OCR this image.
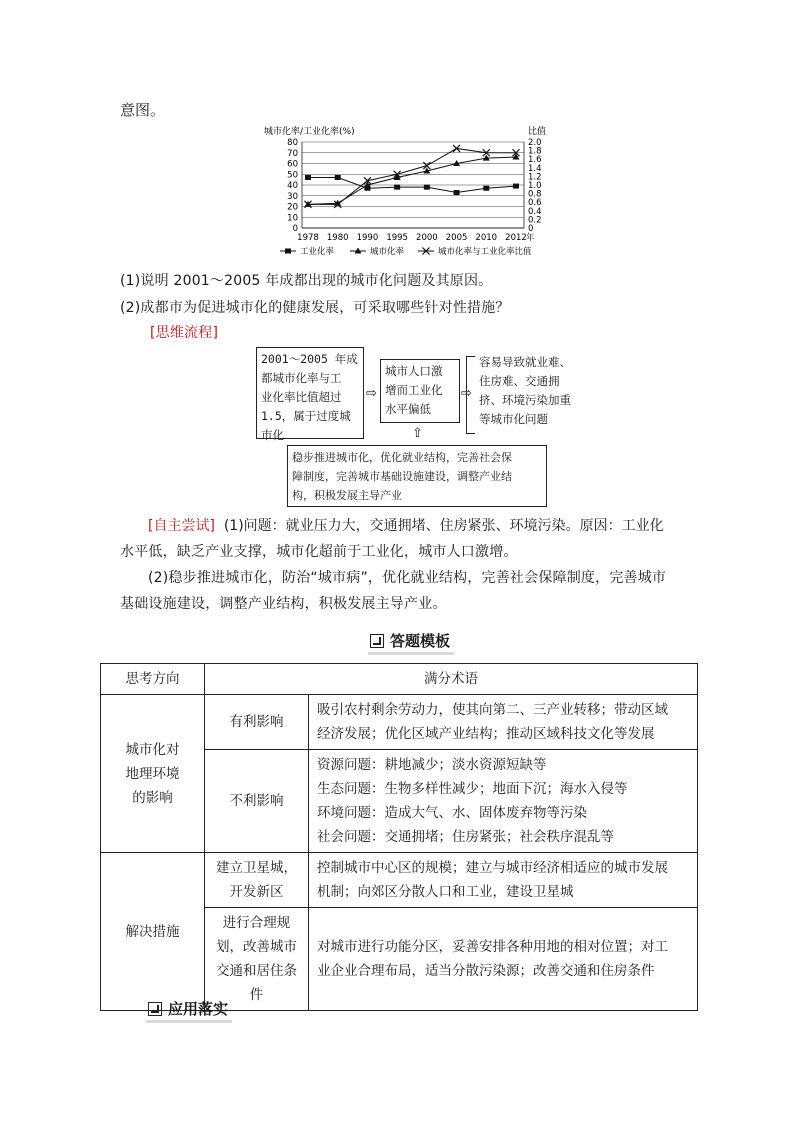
意图。
城市化率/工业化率(%)	比值
0
10
20
30
40
50
60
70
80
0
0.2
0.4
0.6
0.8
1.0
1.2
1.4
1.6
1.8
2.0
1978 1980 1990 1995 2000 2005 2010 2012 年
工业化率	城市化率	城市化率与工业化率比值
(1)说明 2001～2005 年成都出现的城市化问题及其原因。
(2)成都市为促进城市化的健康发展，可采取哪些针对性措施？
[思维流程]
2001～2005 年成
都城市化率与工
业化率比值超过
1.5，属于过度城
市化
⇨
城市人口激
增而工业化
水平偏低
⇨
容易导致就业难、
住房难、交通拥
挤、环境污染加重
等城市化问题
⇧
稳步推进城市化，优化就业结构，完善社会保
障制度，完善城市基础设施建设，调整产业结
构，积极发展主导产业
[自主尝试] (1)问题：就业压力大，交通拥堵、住房紧张、环境污染。原因：工业化
水平低，缺乏产业支撑，城市化超前于工业化，城市人口激增。
(2)稳步推进城市化，防治“城市病”，优化就业结构，完善社会保障制度，完善城市
基础设施建设，调整产业结构，积极发展主导产业。
答题模板
思考方向	满分术语	

城市化对
地理环境
的影响	有利影响	吸引农村剩余劳动力，使其向第二、三产业转移；带动区域
经济发展；优化区域产业结构；推动区域科技文化等发展

	不利影响	资源问题：耕地减少；淡水资源短缺等
生态问题：生物多样性减少；地面下沉；海水入侵等
环境问题：造成大气、水、固体废弃物等污染
社会问题：交通拥堵；住房紧张；社会秩序混乱等

解决措施	建立卫星城，
开发新区	控制城市中心区的规模；建立与城市经济相适应的城市发展
机制；向郊区分散人口和工业，建设卫星城

	进行合理规
划，改善城市
交通和居住条
件	对城市进行功能分区，妥善安排各种用地的相对位置；对工
业企业合理布局，适当分散污染源；改善交通和住房条件
应用落实
